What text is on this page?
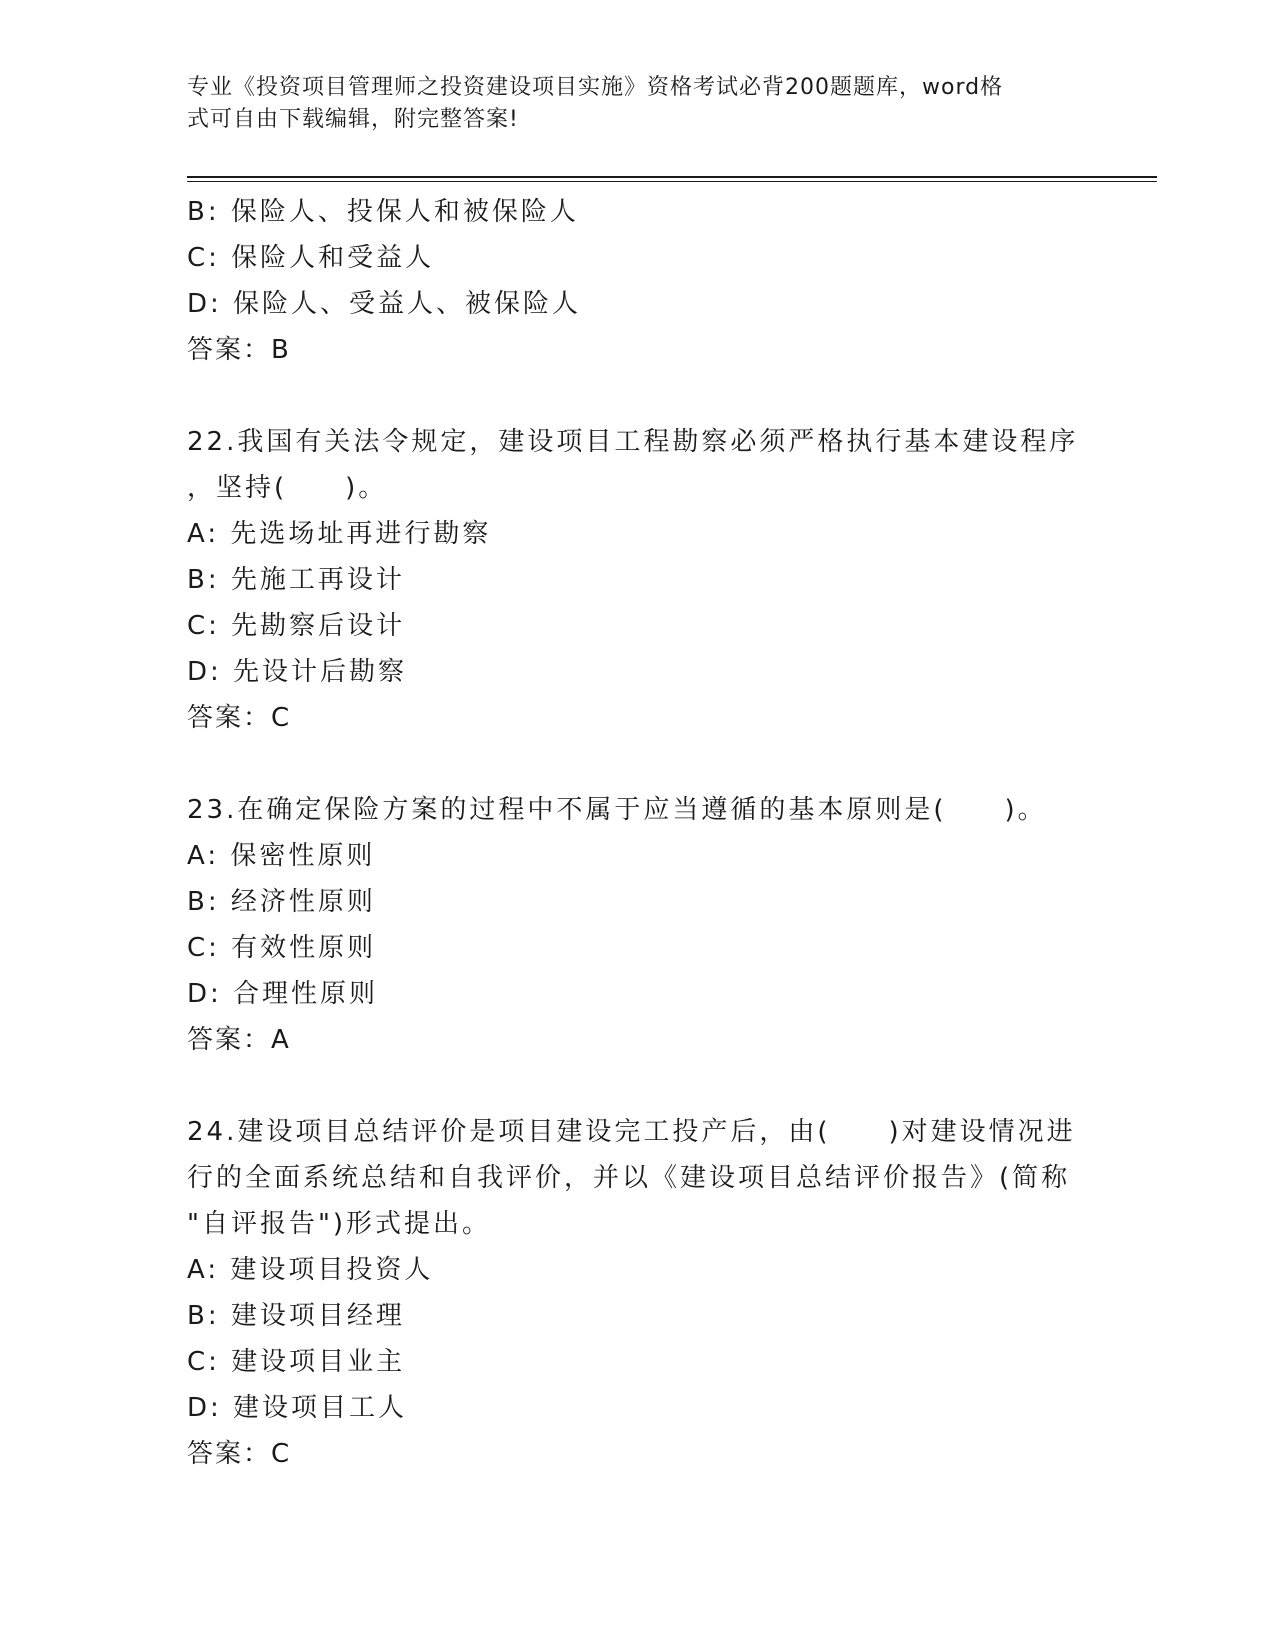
专业《投资项目管理师之投资建设项目实施》资格考试必背200题题库，word格
式可自由下载编辑，附完整答案!
B: 保险人、投保人和被保险人
C: 保险人和受益人
D: 保险人、受益人、被保险人
答案：B
22.我国有关法令规定，建设项目工程勘察必须严格执行基本建设程序
，坚持(　　)。
A: 先选场址再进行勘察
B: 先施工再设计
C: 先勘察后设计
D: 先设计后勘察
答案：C
23.在确定保险方案的过程中不属于应当遵循的基本原则是(　　)。
A: 保密性原则
B: 经济性原则
C: 有效性原则
D: 合理性原则
答案：A
24.建设项目总结评价是项目建设完工投产后，由(　　)对建设情况进
行的全面系统总结和自我评价，并以《建设项目总结评价报告》(简称
"自评报告")形式提出。
A: 建设项目投资人
B: 建设项目经理
C: 建设项目业主
D: 建设项目工人
答案：C
